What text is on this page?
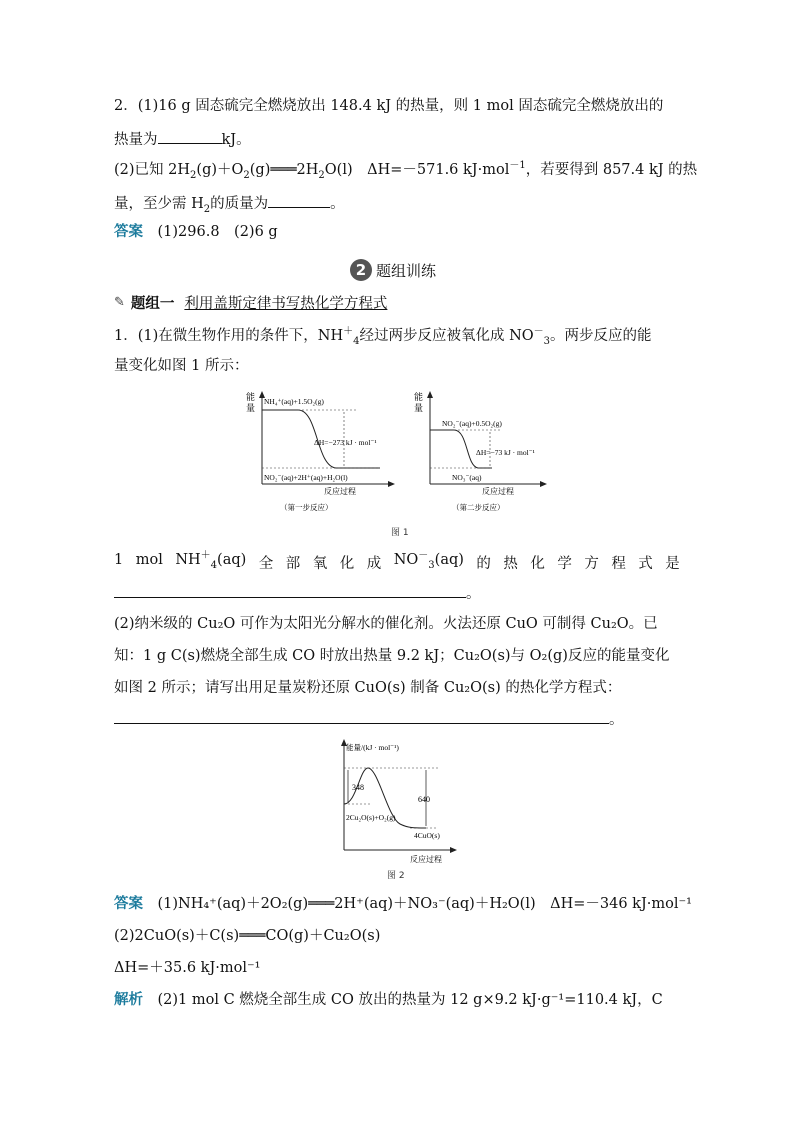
2．(1)16 g 固态硫完全燃烧放出 148.4 kJ 的热量，则 1 mol 固态硫完全燃烧放出的
热量为	kJ。
(2)已知 $2H_2(g)+O_2(g)═══2H_2O(l)$　ΔH=－571.6 kJ·mol$^{-1}$，若要得到 857.4 kJ 的热
量，至少需 $H_2$的质量为	。
答案　 (1)296.8　(2)6 g
2 题组训练
✎ 题组一 利用盖斯定律书写热化学方程式
1．(1)在微生物作用的条件下，$NH^+_4$经过两步反应被氧化成 $NO^-_3$。两步反应的能
量变化如图 1 所示：
能
量
NH₄⁺(aq)+1.5O₂(g)
ΔH=−273 kJ · mol⁻¹
NO₂⁻(aq)+2H⁺(aq)+H₂O(l)
反应过程
（第一步反应）
能
量
NO₂⁻(aq)+0.5O₂(g)
ΔH=−73 kJ · mol⁻¹
NO₃⁻(aq)
反应过程
（第二步反应）
图 1
1 mol $NH^+_4(aq)$ 全 部 氧 化 成 $NO^-_3(aq)$ 的 热 化 学 方 程 式 是
。
(2)纳米级的 Cu₂O 可作为太阳光分解水的催化剂。火法还原 CuO 可制得 Cu₂O。已
知：1 g C(s)燃烧全部生成 CO 时放出热量 9.2 kJ；Cu₂O(s)与 O₂(g)反应的能量变化
如图 2 所示；请写出用足量炭粉还原 CuO(s) 制备 Cu₂O(s) 的热化学方程式：
。
能量/(kJ · mol⁻¹)
348
640
2Cu₂O(s)+O₂(g)
4CuO(s)
反应过程
图 2
答案　 (1)NH₄⁺(aq)＋2O₂(g)═══2H⁺(aq)＋NO₃⁻(aq)＋H₂O(l)　ΔH=－346 kJ·mol⁻¹
(2)2CuO(s)＋C(s)═══CO(g)＋Cu₂O(s)
ΔH=＋35.6 kJ·mol⁻¹
解析　 (2)1 mol C 燃烧全部生成 CO 放出的热量为 12 g×9.2 kJ·g⁻¹=110.4 kJ，C
